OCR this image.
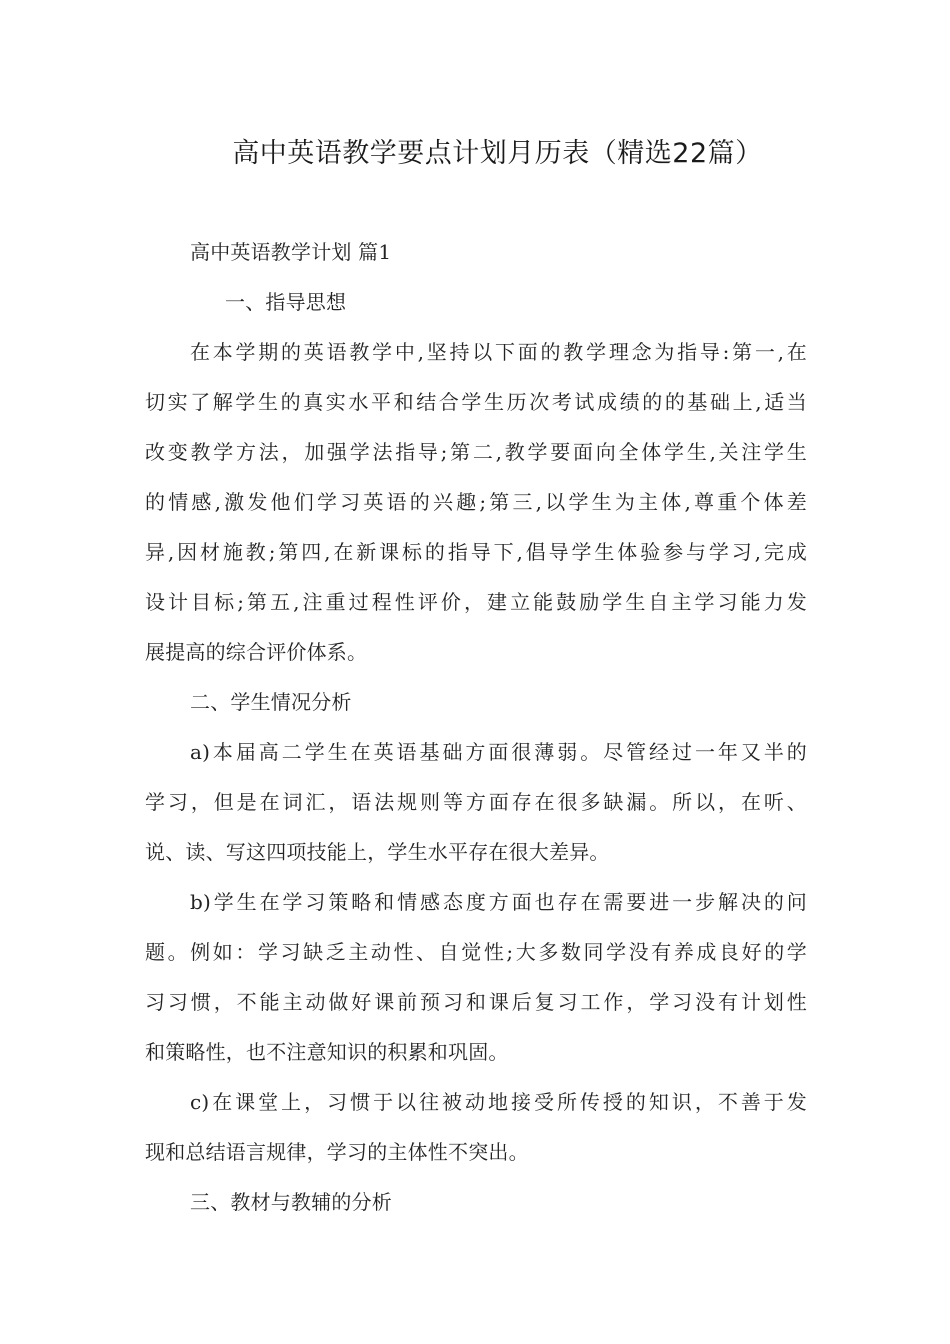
高中英语教学要点计划月历表（精选22篇）
高中英语教学计划 篇1
一、指导思想
在本学期的英语教学中,坚持以下面的教学理念为指导:第一,在
切实了解学生的真实水平和结合学生历次考试成绩的的基础上,适当
改变教学方法，加强学法指导;第二,教学要面向全体学生,关注学生
的情感,激发他们学习英语的兴趣;第三,以学生为主体,尊重个体差
异,因材施教;第四,在新课标的指导下,倡导学生体验参与学习,完成
设计目标;第五,注重过程性评价，建立能鼓励学生自主学习能力发
展提高的综合评价体系。
二、学生情况分析
a)本届高二学生在英语基础方面很薄弱。尽管经过一年又半的
学习，但是在词汇，语法规则等方面存在很多缺漏。所以，在听、
说、读、写这四项技能上，学生水平存在很大差异。
b)学生在学习策略和情感态度方面也存在需要进一步解决的问
题。例如：学习缺乏主动性、自觉性;大多数同学没有养成良好的学
习习惯，不能主动做好课前预习和课后复习工作，学习没有计划性
和策略性，也不注意知识的积累和巩固。
c)在课堂上，习惯于以往被动地接受所传授的知识，不善于发
现和总结语言规律，学习的主体性不突出。
三、教材与教辅的分析
